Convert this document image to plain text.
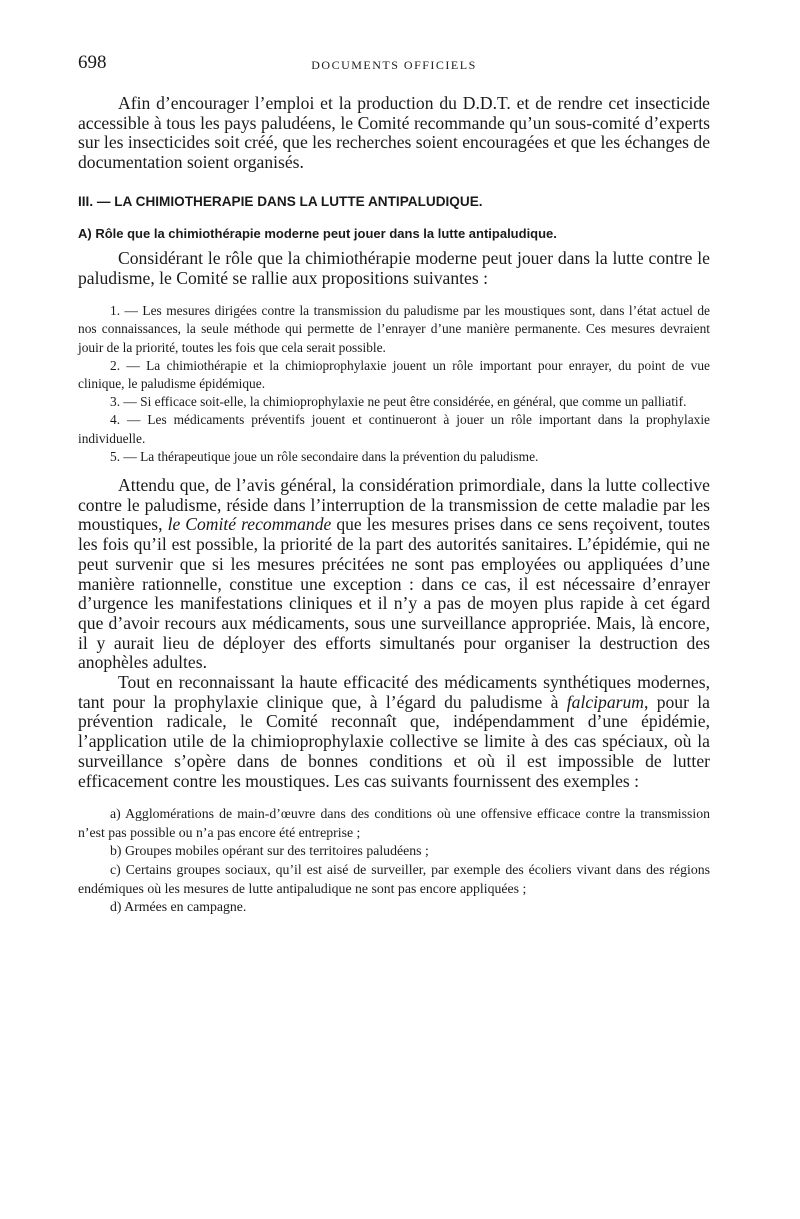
698	DOCUMENTS OFFICIELS

Afin d’encourager l’emploi et la production du D.D.T. et de rendre cet insecticide accessible à tous les pays paludéens, le Comité recommande qu’un sous-comité d’experts sur les insecticides soit créé, que les recherches soient encouragées et que les échanges de documentation soient organisés.

III. — LA CHIMIOTHERAPIE DANS LA LUTTE ANTIPALUDIQUE.

A) Rôle que la chimiothérapie moderne peut jouer dans la lutte antipaludique.

Considérant le rôle que la chimiothérapie moderne peut jouer dans la lutte contre le paludisme, le Comité se rallie aux propositions suivantes :

1. — Les mesures dirigées contre la transmission du paludisme par les moustiques sont, dans l’état actuel de nos connaissances, la seule méthode qui permette de l’enrayer d’une manière permanente. Ces mesures devraient jouir de la priorité, toutes les fois que cela serait possible.

2. — La chimiothérapie et la chimioprophylaxie jouent un rôle important pour enrayer, du point de vue clinique, le paludisme épidémique.

3. — Si efficace soit-elle, la chimioprophylaxie ne peut être considérée, en général, que comme un palliatif.

4. — Les médicaments préventifs jouent et continueront à jouer un rôle important dans la prophylaxie individuelle.

5. — La thérapeutique joue un rôle secondaire dans la prévention du paludisme.

Attendu que, de l’avis général, la considération primordiale, dans la lutte collective contre le paludisme, réside dans l’interruption de la transmission de cette maladie par les moustiques, le Comité recommande que les mesures prises dans ce sens reçoivent, toutes les fois qu’il est possible, la priorité de la part des autorités sanitaires. L’épidémie, qui ne peut survenir que si les mesures précitées ne sont pas employées ou appliquées d’une manière rationnelle, constitue une exception : dans ce cas, il est nécessaire d’enrayer d’urgence les manifestations cliniques et il n’y a pas de moyen plus rapide à cet égard que d’avoir recours aux médicaments, sous une surveillance appropriée. Mais, là encore, il y aurait lieu de déployer des efforts simultanés pour organiser la destruction des anophèles adultes.

Tout en reconnaissant la haute efficacité des médicaments synthétiques modernes, tant pour la prophylaxie clinique que, à l’égard du paludisme à falciparum, pour la prévention radicale, le Comité reconnaît que, indépendamment d’une épidémie, l’application utile de la chimioprophylaxie collective se limite à des cas spéciaux, où la surveillance s’opère dans de bonnes conditions et où il est impossible de lutter efficacement contre les moustiques. Les cas suivants fournissent des exemples :

a) Agglomérations de main-d’œuvre dans des conditions où une offensive efficace contre la transmission n’est pas possible ou n’a pas encore été entreprise ;

b) Groupes mobiles opérant sur des territoires paludéens ;

c) Certains groupes sociaux, qu’il est aisé de surveiller, par exemple des écoliers vivant dans des régions endémiques où les mesures de lutte antipaludique ne sont pas encore appliquées ;

d) Armées en campagne.
